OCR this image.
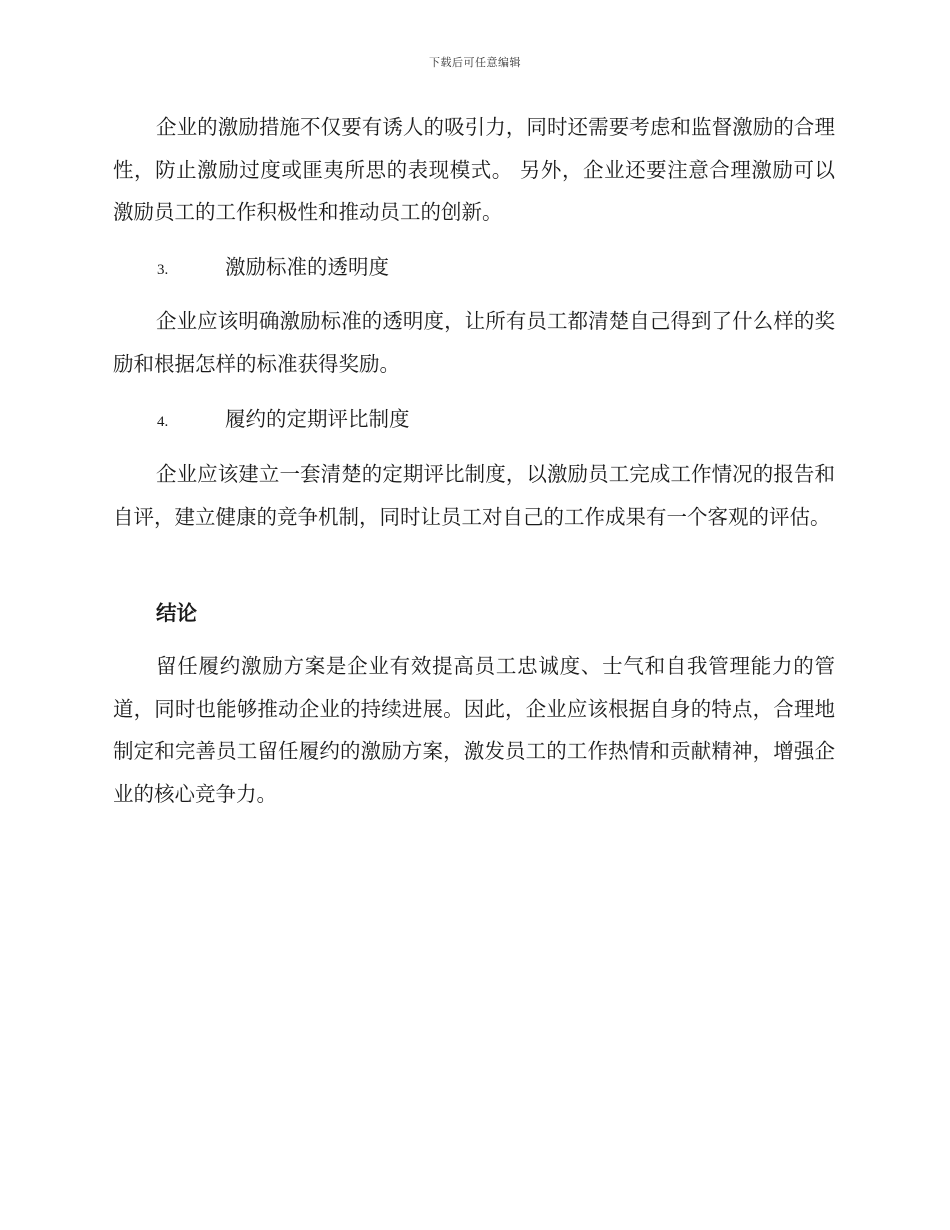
下载后可任意编辑

企业的激励措施不仅要有诱人的吸引力，同时还需要考虑和监督激励的合理性，防止激励过度或匪夷所思的表现模式。 另外，企业还要注意合理激励可以激励员工的工作积极性和推动员工的创新。

3.	激励标准的透明度

企业应该明确激励标准的透明度，让所有员工都清楚自己得到了什么样的奖励和根据怎样的标准获得奖励。

4.	履约的定期评比制度

企业应该建立一套清楚的定期评比制度，以激励员工完成工作情况的报告和自评，建立健康的竞争机制，同时让员工对自己的工作成果有一个客观的评估。

结论

留任履约激励方案是企业有效提高员工忠诚度、士气和自我管理能力的管道，同时也能够推动企业的持续进展。因此，企业应该根据自身的特点，合理地制定和完善员工留任履约的激励方案，激发员工的工作热情和贡献精神，增强企业的核心竞争力。
